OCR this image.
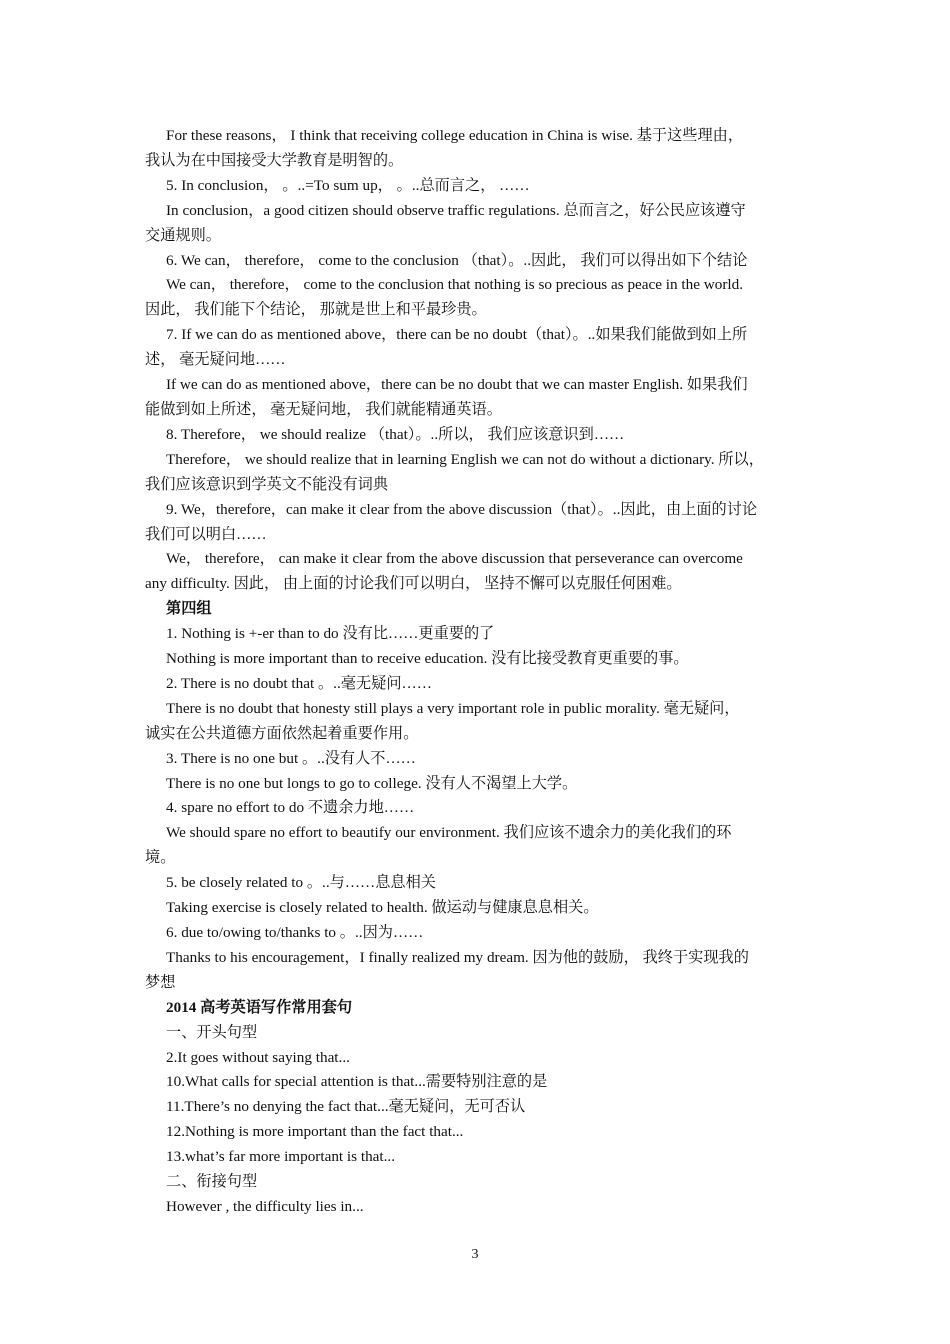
For these reasons， I think that receiving college education in China is wise. 基于这些理由，
我认为在中国接受大学教育是明智的。
5. In conclusion， 。..=To sum up， 。..总而言之， ……
In conclusion，a good citizen should observe traffic regulations. 总而言之，好公民应该遵守
交通规则。
6. We can， therefore， come to the conclusion （that）。..因此， 我们可以得出如下个结论
We can， therefore， come to the conclusion that nothing is so precious as peace in the world.
因此， 我们能下个结论， 那就是世上和平最珍贵。
7. If we can do as mentioned above，there can be no doubt（that）。..如果我们能做到如上所
述， 毫无疑问地……
If we can do as mentioned above，there can be no doubt that we can master English. 如果我们
能做到如上所述， 毫无疑问地， 我们就能精通英语。
8. Therefore， we should realize （that）。..所以， 我们应该意识到……
Therefore， we should realize that in learning English we can not do without a dictionary. 所以，
我们应该意识到学英文不能没有词典
9. We，therefore，can make it clear from the above discussion（that）。..因此，由上面的讨论
我们可以明白……
We， therefore， can make it clear from the above discussion that perseverance can overcome
any difficulty. 因此， 由上面的讨论我们可以明白， 坚持不懈可以克服任何困难。
第四组
1. Nothing is +-er than to do 没有比……更重要的了
Nothing is more important than to receive education. 没有比接受教育更重要的事。
2. There is no doubt that 。..毫无疑问……
There is no doubt that honesty still plays a very important role in public morality. 毫无疑问，
诚实在公共道德方面依然起着重要作用。
3. There is no one but 。..没有人不……
There is no one but longs to go to college. 没有人不渴望上大学。
4. spare no effort to do 不遗余力地……
We should spare no effort to beautify our environment. 我们应该不遗余力的美化我们的环
境。
5. be closely related to 。..与……息息相关
Taking exercise is closely related to health. 做运动与健康息息相关。
6. due to/owing to/thanks to 。..因为……
Thanks to his encouragement，I finally realized my dream. 因为他的鼓励， 我终于实现我的
梦想
2014 高考英语写作常用套句
一、开头句型
2.It goes without saying that...
10.What calls for special attention is that...需要特别注意的是
11.There’s no denying the fact that...毫无疑问，无可否认
12.Nothing is more important than the fact that...
13.what’s far more important is that...
二、衔接句型
However , the difficulty lies in...
3
